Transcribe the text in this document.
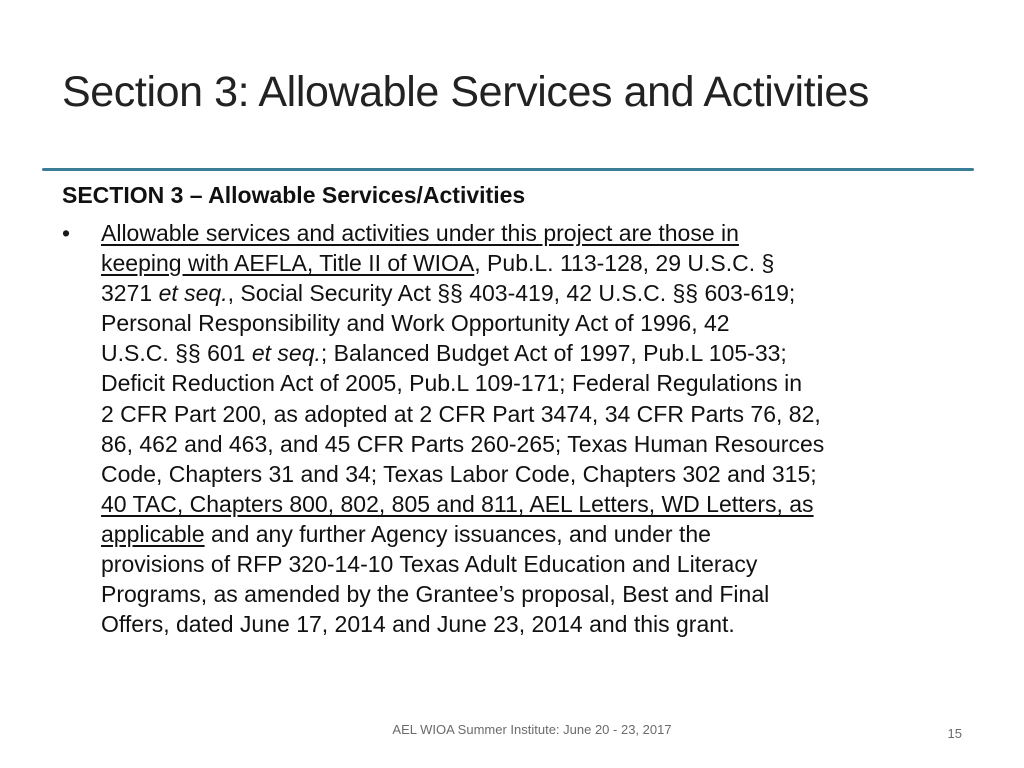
Section 3: Allowable Services and Activities
SECTION 3 – Allowable Services/Activities
• Allowable services and activities under this project are those in
keeping with AEFLA, Title II of WIOA, Pub.L. 113-128, 29 U.S.C. §
3271 et seq., Social Security Act §§ 403-419, 42 U.S.C. §§ 603-619;
Personal Responsibility and Work Opportunity Act of 1996, 42
U.S.C. §§ 601 et seq.; Balanced Budget Act of 1997, Pub.L 105-33;
Deficit Reduction Act of 2005, Pub.L 109-171; Federal Regulations in
2 CFR Part 200, as adopted at 2 CFR Part 3474, 34 CFR Parts 76, 82,
86, 462 and 463, and 45 CFR Parts 260-265; Texas Human Resources
Code, Chapters 31 and 34; Texas Labor Code, Chapters 302 and 315;
40 TAC, Chapters 800, 802, 805 and 811, AEL Letters, WD Letters, as
applicable and any further Agency issuances, and under the
provisions of RFP 320-14-10 Texas Adult Education and Literacy
Programs, as amended by the Grantee’s proposal, Best and Final
Offers, dated June 17, 2014 and June 23, 2014 and this grant.
AEL WIOA Summer Institute: June 20 - 23, 2017	15
